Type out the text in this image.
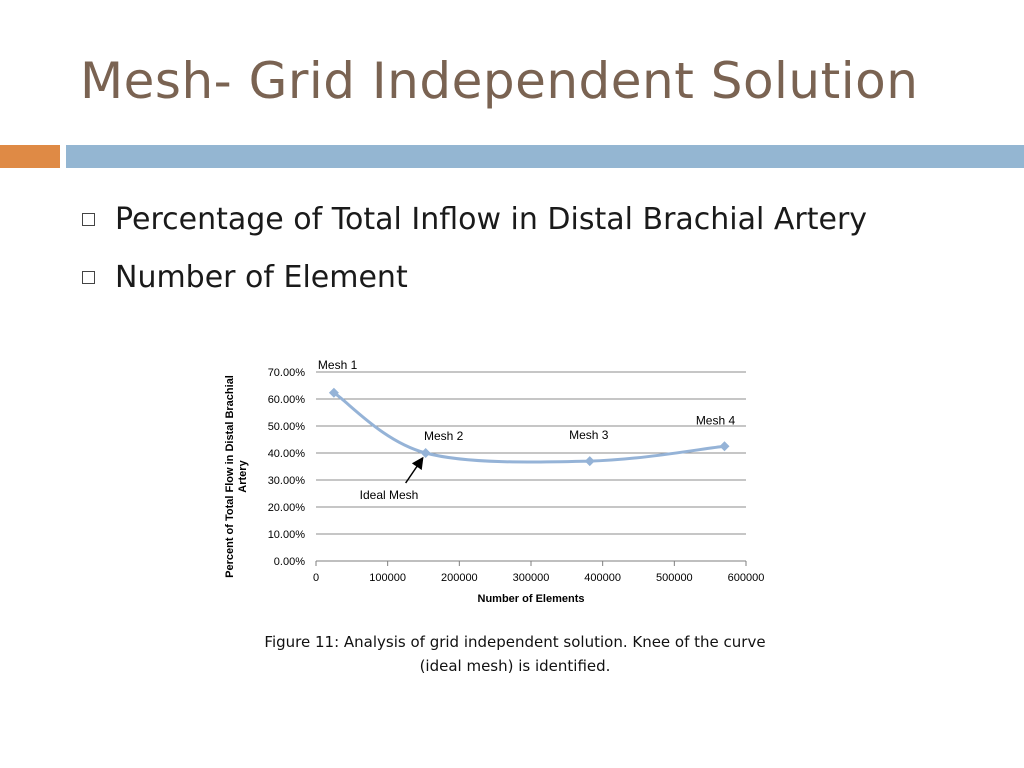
Mesh- Grid Independent Solution
Percentage of Total Inflow in Distal Brachial Artery
Number of Element
0.00%
10.00%
20.00%
30.00%
40.00%
50.00%
60.00%
70.00%
0	100000	200000	300000	400000	500000	600000
Number of Elements
Percent of Total Flow in Distal BrachialArtery
Mesh 1
Mesh 2	Mesh 3
Mesh 4
Ideal Mesh
Figure 11: Analysis of grid independent solution. Knee of the curve
(ideal mesh) is identified.
